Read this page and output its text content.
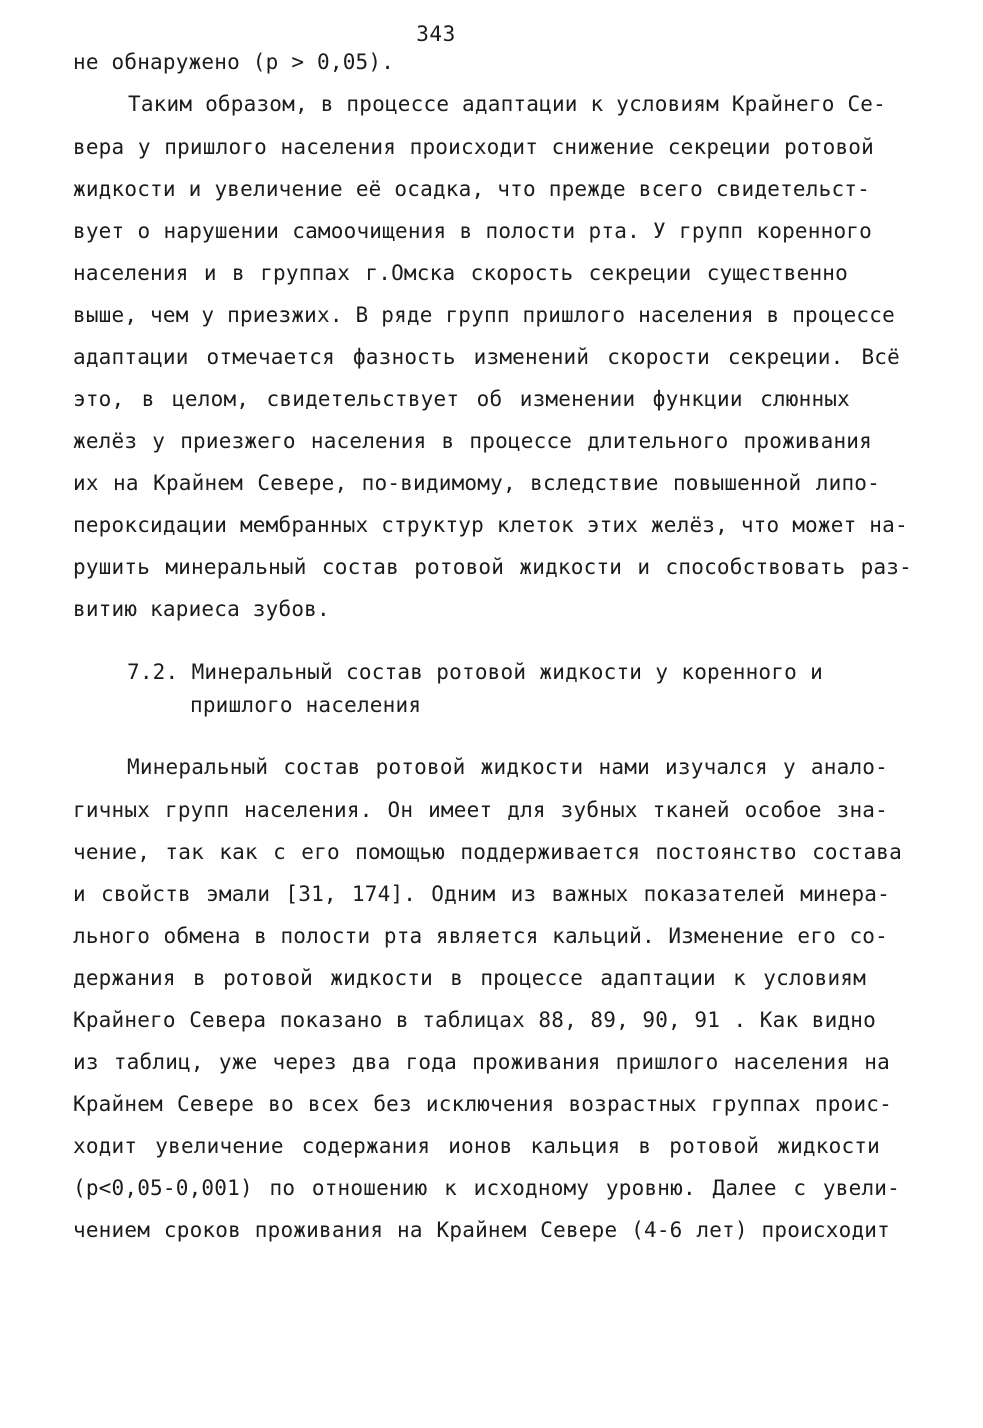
343
не обнаружено (р > 0,05).
Таким образом, в процессе адаптации к условиям Крайнего Се-
вера у пришлого населения происходит снижение секреции ротовой
жидкости и увеличение её осадка, что прежде всего свидетельст-
вует о нарушении самоочищения в полости рта. У групп коренного
населения и в группах г.Омска скорость секреции существенно
выше, чем у приезжих. В ряде групп пришлого населения в процессе
адаптации отмечается фазность изменений скорости секреции. Всё
это, в целом, свидетельствует об изменении функции слюнных
желёз у приезжего населения в процессе длительного проживания
их на Крайнем Севере, по-видимому, вследствие повышенной липо-
пероксидации мембранных структур клеток этих желёз, что может на-
рушить минеральный состав ротовой жидкости и способствовать раз-
витию кариеса зубов.
7.2. Минеральный состав ротовой жидкости у коренного и
пришлого населения
Минеральный состав ротовой жидкости нами изучался у анало-
гичных групп населения. Он имеет для зубных тканей особое зна-
чение, так как с его помощью поддерживается постоянство состава
и свойств эмали [31, 174]. Одним из важных показателей минера-
льного обмена в полости рта является кальций. Изменение его со-
держания в ротовой жидкости в процессе адаптации к условиям
Крайнего Севера показано в таблицах 88, 89, 90, 91 . Как видно
из таблиц, уже через два года проживания пришлого населения на
Крайнем Севере во всех без исключения возрастных группах проис-
ходит увеличение содержания ионов кальция в ротовой жидкости
(р<0,05-0,001) по отношению к исходному уровню. Далее с увели-
чением сроков проживания на Крайнем Севере (4-6 лет) происходит
